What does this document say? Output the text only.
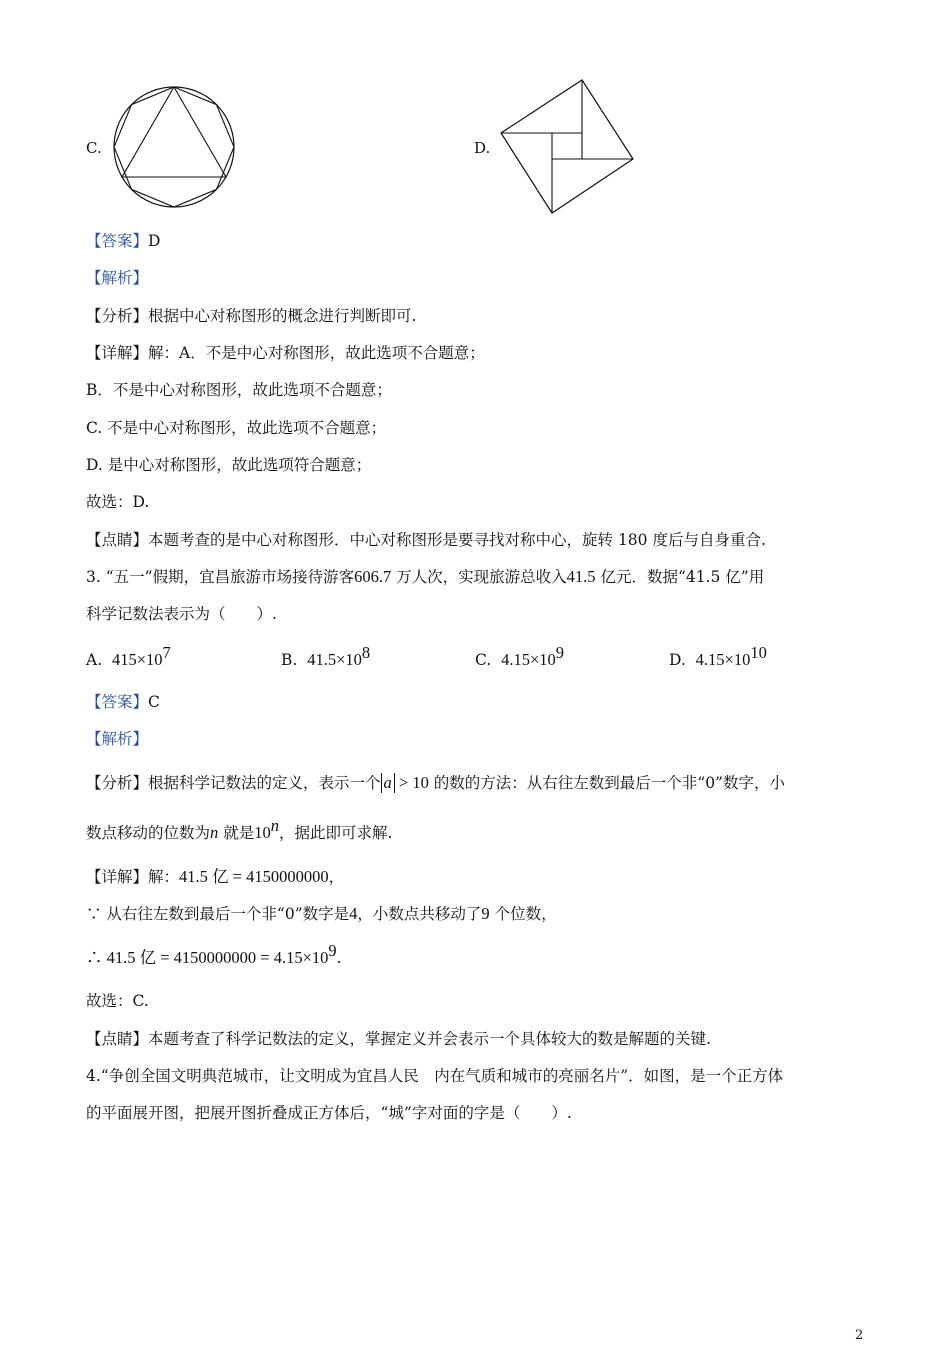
C.	D.
【答案】D
【解析】
【分析】根据中心对称图形的概念进行判断即可.
【详解】解：A．不是中心对称图形，故此选项不合题意；
B．不是中心对称图形，故此选项不合题意；
C. 不是中心对称图形，故此选项不合题意；
D. 是中心对称图形，故此选项符合题意；
故选：D.
【点睛】本题考查的是中心对称图形．中心对称图形是要寻找对称中心，旋转 180 度后与自身重合.
3. “五一”假期，宜昌旅游市场接待游客606.7 万人次，实现旅游总收入41.5 亿元．数据“41.5 亿”用
科学记数法表示为（　　）.
A. $415\times 10^7$	B. $41.5\times 10^8$	C. $4.15\times 10^9$	D. $4.15\times 10^{10}$
【答案】C
【解析】
【分析】根据科学记数法的定义，表示一个 a > 10 的数的方法：从右往左数到最后一个非“0”数字，小
数点移动的位数为n 就是10$^n$，据此即可求解.
【详解】解：41.5 亿 = 4150000000，
∵ 从右往左数到最后一个非“0”数字是4，小数点共移动了9 个位数，
∴ 41.5 亿 = $4150000000 = 4.15\times 10^9$.
故选：C.
【点睛】本题考查了科学记数法的定义，掌握定义并会表示一个具体较大的数是解题的关键.
4.“争创全国文明典范城市，让文明成为宜昌人民　内在气质和城市的亮丽名片”．如图，是一个正方体
的平面展开图，把展开图折叠成正方体后，“城”字对面的字是（　　）.
2
